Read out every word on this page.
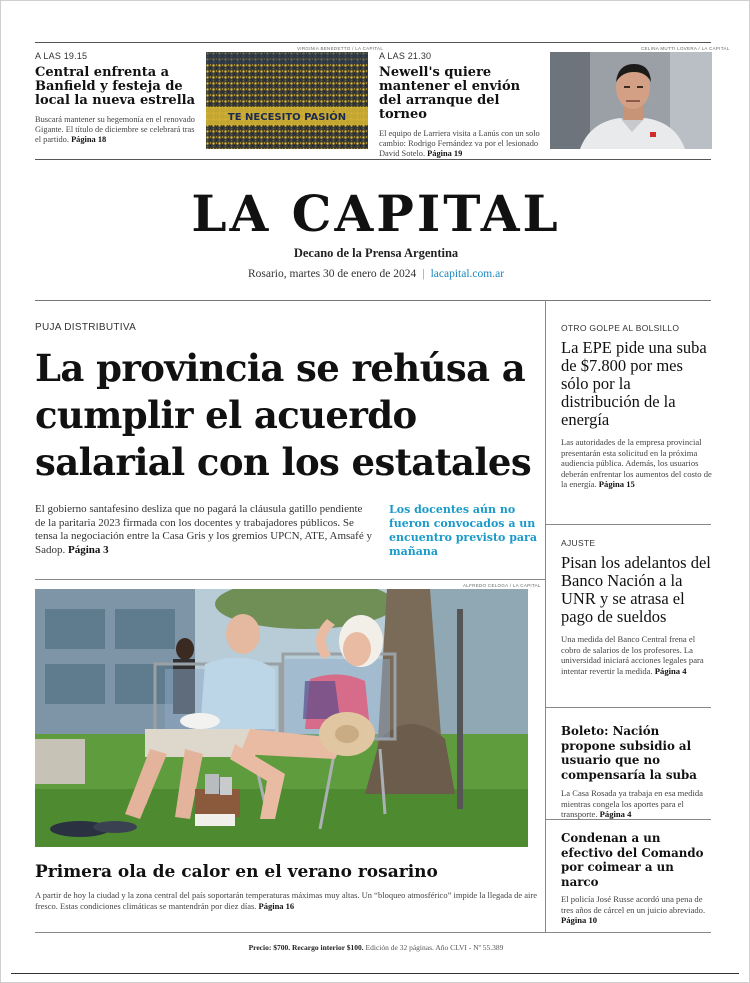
A LAS 19.15
Central enfrenta a Banfield y festeja de local la nueva estrella
Buscará mantener su hegemonía en el renovado Gigante. El título de diciembre se celebrará tras el partido. Página 18
VIRGINIA BENEDETTO / LA CAPITAL
TE NECESITO PASIÓN
A LAS 21.30
Newell's quiere mantener el envión del arranque del torneo
El equipo de Larriera visita a Lanús con un solo cambio: Rodrigo Fernández va por el lesionado David Sotelo. Página 19
CELINA MUTTI LOVERA / LA CAPITAL
LA CAPITAL
Decano de la Prensa Argentina
Rosario, martes 30 de enero de 2024 | lacapital.com.ar
PUJA DISTRIBUTIVA
La provincia se rehúsa a cumplir el acuerdo salarial con los estatales
El gobierno santafesino desliza que no pagará la cláusula gatillo pendiente de la paritaria 2023 firmada con los docentes y trabajadores públicos. Se tensa la negociación entre la Casa Gris y los gremios UPCN, ATE, Amsafé y Sadop. Página 3
Los docentes aún no fueron convocados a un encuentro previsto para mañana
ALFREDO CELOGA / LA CAPITAL
Primera ola de calor en el verano rosarino
A partir de hoy la ciudad y la zona central del país soportarán temperaturas máximas muy altas. Un “bloqueo atmosférico” impide la llegada de aire fresco. Estas condiciones climáticas se mantendrán por diez días. Página 16
OTRO GOLPE AL BOLSILLO
La EPE pide una suba de $7.800 por mes sólo por la distribución de la energía
Las autoridades de la empresa provincial presentarán esta solicitud en la próxima audiencia pública. Además, los usuarios deberán enfrentar los aumentos del costo de la energía. Página 15
AJUSTE
Pisan los adelantos del Banco Nación a la UNR y se atrasa el pago de sueldos
Una medida del Banco Central frena el cobro de salarios de los profesores. La universidad iniciará acciones legales para intentar revertir la medida. Página 4
Boleto: Nación propone subsidio al usuario que no compensaría la suba
La Casa Rosada ya trabaja en esa medida mientras congela los aportes para el transporte. Página 4
Condenan a un efectivo del Comando por coimear a un narco
El policía José Russe acordó una pena de tres años de cárcel en un juicio abreviado. Página 10
Precio: $700. Recargo interior $100. Edición de 32 páginas. Año CLVI - Nº 55.389
